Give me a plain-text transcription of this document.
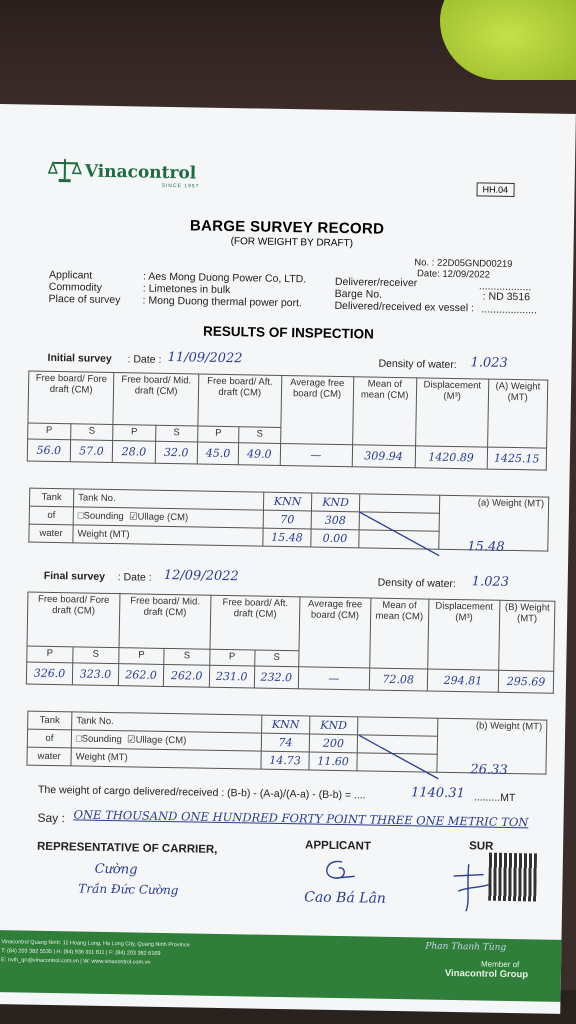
Vinacontrol
SINCE 1957	HH.04
BARGE SURVEY RECORD
(FOR WEIGHT BY DRAFT)
No. : 22D05GND00219
Date: 12/09/2022
Applicant	: Aes Mong Duong Power Co, LTD.
Commodity	: Limetones in bulk
Place of survey : Mong Duong thermal power port.
Deliverer/receiver	..................
Barge No.	: ND 3516
Delivered/received ex vessel : ...................
RESULTS OF INSPECTION
Initial survey : Date : 11/09/2022	Density of water: 1.023
Free board/ Fore draft (CM)		Free board/ Mid. draft (CM)		Free board/ Aft. draft (CM)		Average free board (CM)	Mean of mean (CM)	Displacement (M³)	(A) Weight (MT)
P	S	P	S	P	S				
56.0	57.0	28.0	32.0	45.0	49.0	—	309.94	1420.89	1425.15
Tank	Tank No.	KNN	KND		(a) Weight (MT)
of	□Sounding ☑Ullage (CM)	70	308		
water	Weight (MT)	15.48	0.00		
15.48
Final survey : Date : 12/09/2022	Density of water: 1.023
Free board/ Fore draft (CM)		Free board/ Mid. draft (CM)		Free board/ Aft. draft (CM)		Average free board (CM)	Mean of mean (CM)	Displacement (M³)	(B) Weight (MT)
P	S	P	S	P	S				
326.0	323.0	262.0	262.0	231.0	232.0	—	72.08	294.81	295.69
Tank	Tank No.	KNN	KND		(b) Weight (MT)
of	□Sounding ☑Ullage (CM)	74	200		
water	Weight (MT)	14.73	11.60		
26.33
The weight of cargo delivered/received : (B-b) - (A-a)/(A-a) - (B-b) = ....	1140.31 .........MT
Say : ONE THOUSAND ONE HUNDRED FORTY POINT THREE ONE METRIC TON
REPRESENTATIVE OF CARRIER,	APPLICANT	SUR
Cường
Trần Đức Cường
Cao Bá Lân
Vinacontrol Quang Ninh: 11 Hoang Long, Ha Long City, Quang Ninh Province
T: (84) 203 382 5535 | H: (84) 936 911 811 | F: (84) 203 382 6169
E: nvth_qn@vinacontrol.com.vn | W: www.vinacontrol.com.vn
Phan Thanh Tùng
Member of
Vinacontrol Group
